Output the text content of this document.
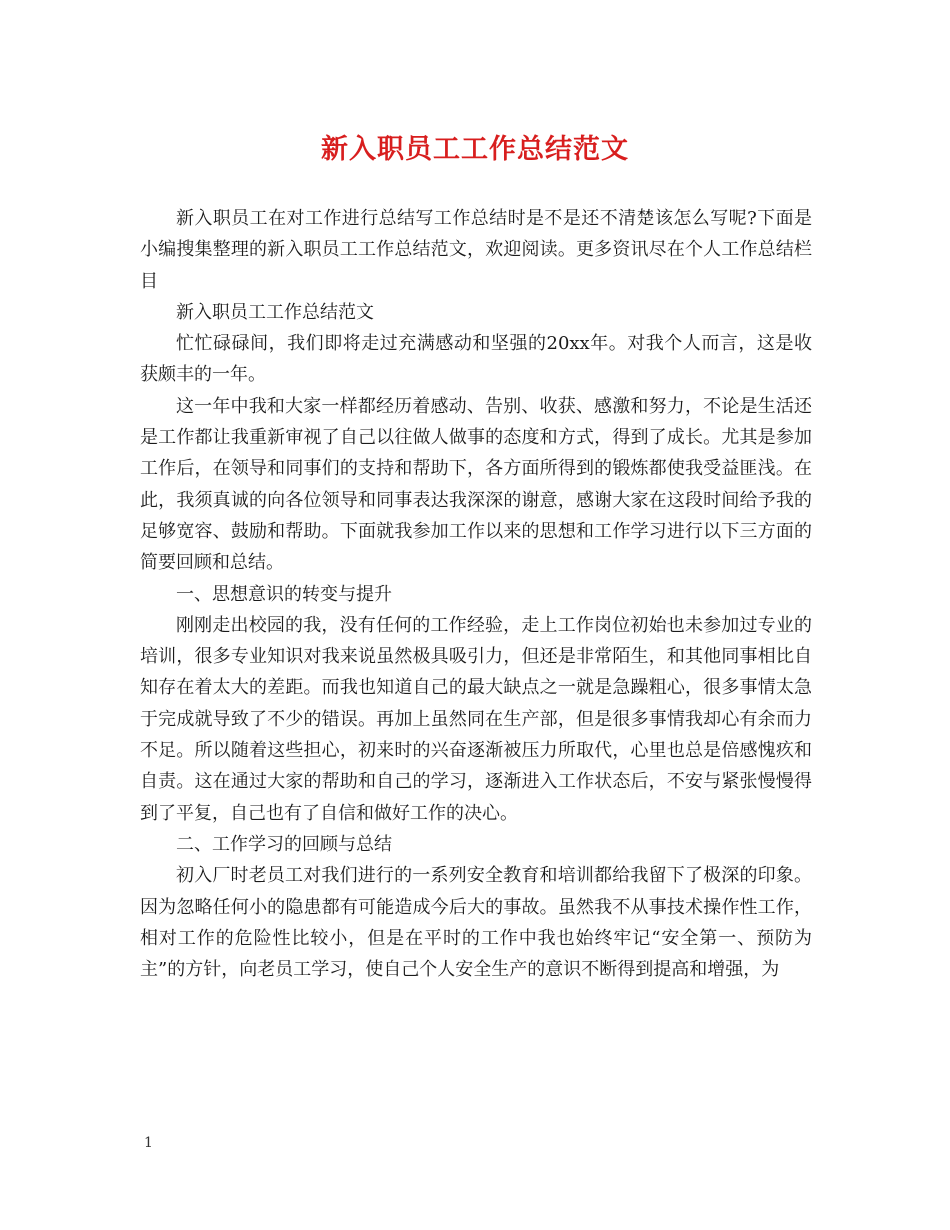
新入职员工工作总结范文

新入职员工在对工作进行总结写工作总结时是不是还不清楚该怎么写呢?下面是小编搜集整理的新入职员工工作总结范文，欢迎阅读。更多资讯尽在个人工作总结栏目

新入职员工工作总结范文

忙忙碌碌间，我们即将走过充满感动和坚强的20xx年。对我个人而言，这是收获颇丰的一年。

这一年中我和大家一样都经历着感动、告别、收获、感激和努力，不论是生活还是工作都让我重新审视了自己以往做人做事的态度和方式，得到了成长。尤其是参加工作后，在领导和同事们的支持和帮助下，各方面所得到的锻炼都使我受益匪浅。在此，我须真诚的向各位领导和同事表达我深深的谢意，感谢大家在这段时间给予我的足够宽容、鼓励和帮助。下面就我参加工作以来的思想和工作学习进行以下三方面的简要回顾和总结。

一、思想意识的转变与提升

刚刚走出校园的我，没有任何的工作经验，走上工作岗位初始也未参加过专业的培训，很多专业知识对我来说虽然极具吸引力，但还是非常陌生，和其他同事相比自知存在着太大的差距。而我也知道自己的最大缺点之一就是急躁粗心，很多事情太急于完成就导致了不少的错误。再加上虽然同在生产部，但是很多事情我却心有余而力不足。所以随着这些担心，初来时的兴奋逐渐被压力所取代，心里也总是倍感愧疚和自责。这在通过大家的帮助和自己的学习，逐渐进入工作状态后，不安与紧张慢慢得到了平复，自己也有了自信和做好工作的决心。

二、工作学习的回顾与总结

初入厂时老员工对我们进行的一系列安全教育和培训都给我留下了极深的印象。因为忽略任何小的隐患都有可能造成今后大的事故。虽然我不从事技术操作性工作，相对工作的危险性比较小，但是在平时的工作中我也始终牢记“安全第一、预防为主”的方针，向老员工学习，使自己个人安全生产的意识不断得到提高和增强，为

1
